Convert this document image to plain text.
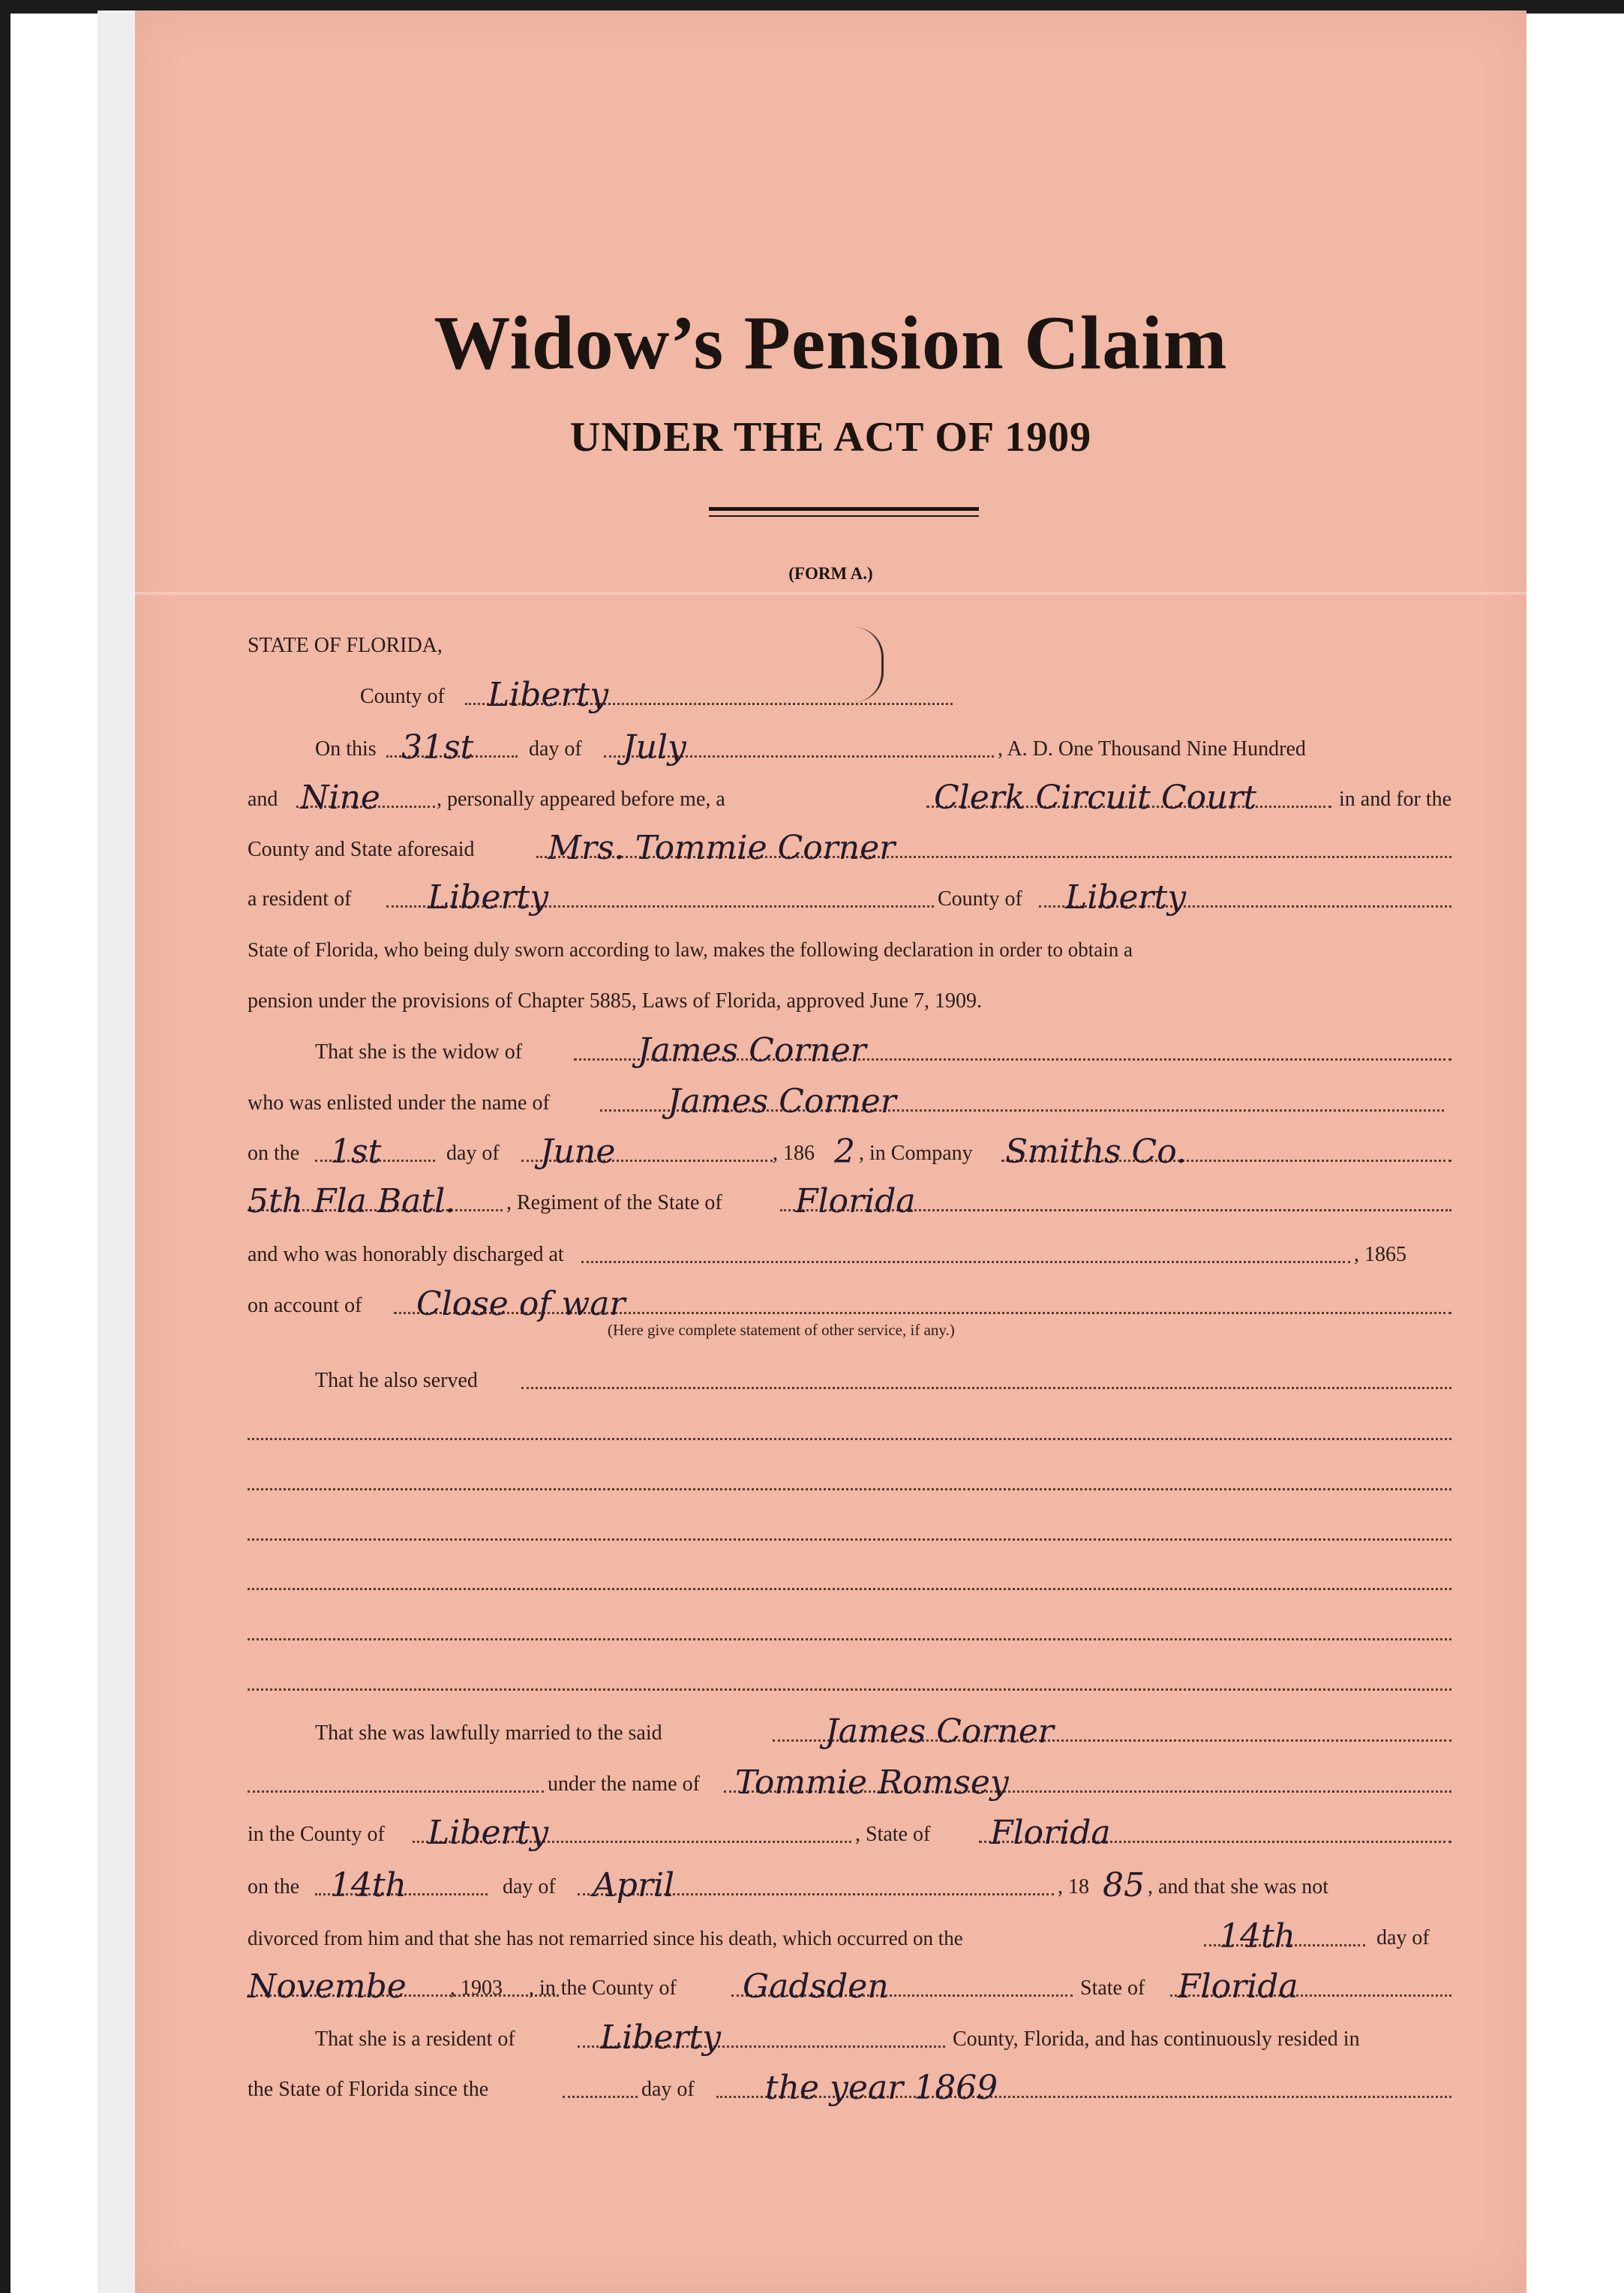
Widow’s Pension Claim
UNDER THE ACT OF 1909
(FORM A.)
STATE OF FLORIDA,
County of Liberty
On this 31st	day of July	, A. D. One Thousand Nine Hundred
and Nine	, personally appeared before me, a	Clerk Circuit Court	in and for the
County and State aforesaid Mrs. Tommie Corner
a resident of Liberty	County of Liberty
State of Florida, who being duly sworn according to law, makes the following declaration in order to obtain a
pension under the provisions of Chapter 5885, Laws of Florida, approved June 7, 1909.
That she is the widow of	James Corner
who was enlisted under the name of	James Corner
on the 1st	day of June	, 186 2 , in Company Smiths Co.
5th Fla Batl. , Regiment of the State of Florida
and who was honorably discharged at	, 1865
on account of Close of war
(Here give complete statement of other service, if any.)
That he also served
That she was lawfully married to the said	James Corner
under the name of Tommie Romsey
in the County of Liberty	, State of Florida
on the 14th	day of April	, 18 85 , and that she was not
divorced from him and that she has not remarried since his death, which occurred on the	14th	day of
Novembe , 1903 , in the County of Gadsden	State of Florida
That she is a resident of	Liberty	County, Florida, and has continuously resided in
the State of Florida since the	day of the year 1869
